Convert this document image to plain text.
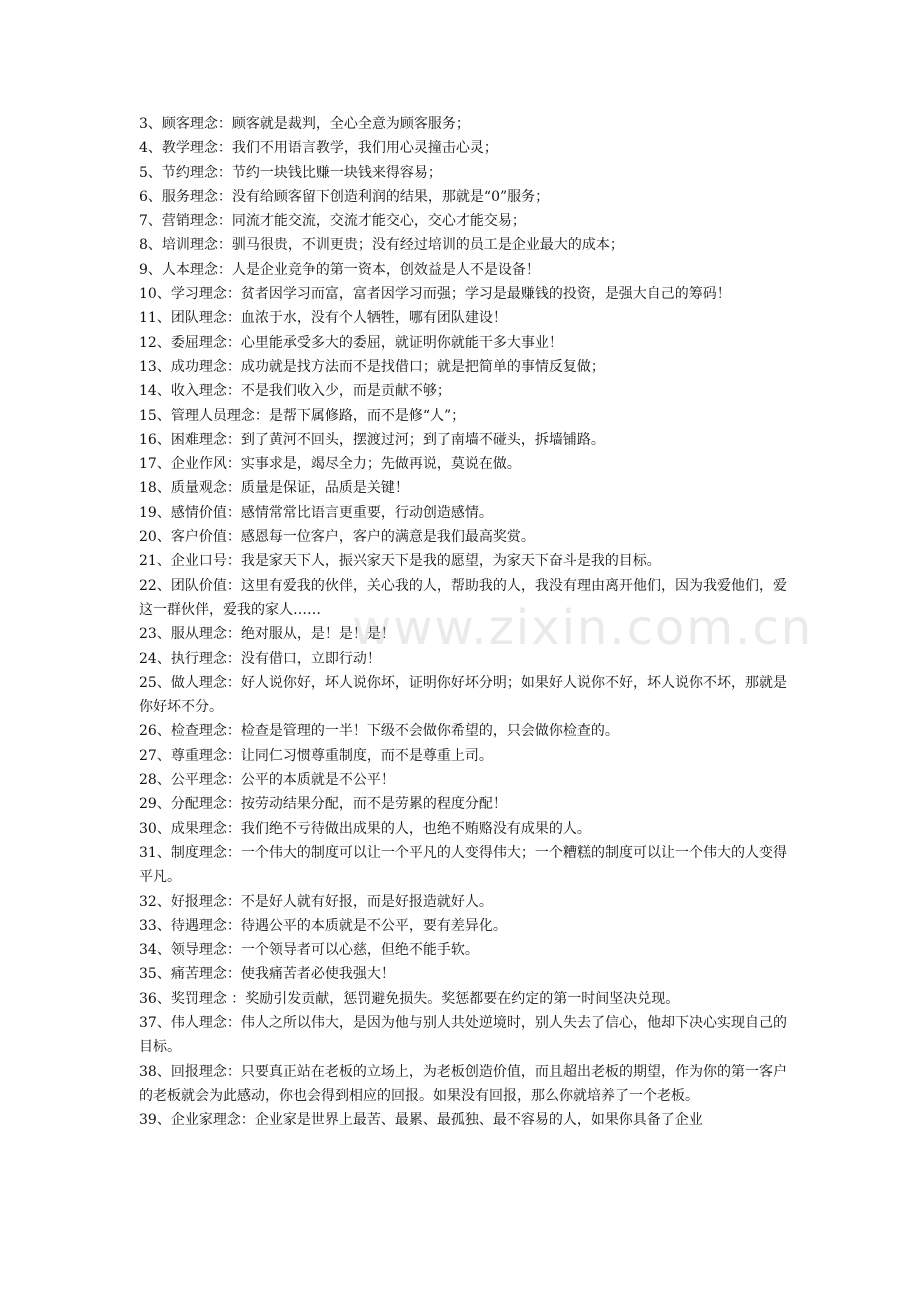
3、顾客理念：顾客就是裁判，全心全意为顾客服务；

4、教学理念：我们不用语言教学，我们用心灵撞击心灵；

5、节约理念：节约一块钱比赚一块钱来得容易；

6、服务理念：没有给顾客留下创造利润的结果，那就是“0”服务；

7、营销理念：同流才能交流，交流才能交心，交心才能交易；

8、培训理念：驯马很贵，不训更贵；没有经过培训的员工是企业最大的成本；

9、人本理念：人是企业竞争的第一资本，创效益是人不是设备！

10、学习理念：贫者因学习而富，富者因学习而强；学习是最赚钱的投资，是强大自己的筹码！

11、团队理念：血浓于水，没有个人牺牲，哪有团队建设！

12、委屈理念：心里能承受多大的委屈，就证明你就能干多大事业！

13、成功理念：成功就是找方法而不是找借口；就是把简单的事情反复做；

14、收入理念：不是我们收入少，而是贡献不够；

15、管理人员理念：是帮下属修路，而不是修“人”；

16、困难理念：到了黄河不回头，摆渡过河；到了南墙不碰头，拆墙铺路。

17、企业作风：实事求是，竭尽全力；先做再说，莫说在做。

18、质量观念：质量是保证，品质是关键！

19、感情价值：感情常常比语言更重要，行动创造感情。

20、客户价值：感恩每一位客户，客户的满意是我们最高奖赏。

21、企业口号：我是家天下人，振兴家天下是我的愿望，为家天下奋斗是我的目标。

22、团队价值：这里有爱我的伙伴，关心我的人，帮助我的人，我没有理由离开他们，因为我爱他们，爱这一群伙伴，爱我的家人……

23、服从理念：绝对服从，是！是！是！

24、执行理念：没有借口，立即行动！

25、做人理念：好人说你好，坏人说你坏，证明你好坏分明；如果好人说你不好，坏人说你不坏，那就是你好坏不分。

26、检查理念：检查是管理的一半！下级不会做你希望的，只会做你检查的。

27、尊重理念：让同仁习惯尊重制度，而不是尊重上司。

28、公平理念：公平的本质就是不公平！

29、分配理念：按劳动结果分配，而不是劳累的程度分配！

30、成果理念：我们绝不亏待做出成果的人，也绝不贿赂没有成果的人。

31、制度理念：一个伟大的制度可以让一个平凡的人变得伟大；一个糟糕的制度可以让一个伟大的人变得平凡。

32、好报理念：不是好人就有好报，而是好报造就好人。

33、待遇理念：待遇公平的本质就是不公平，要有差异化。

34、领导理念：一个领导者可以心慈，但绝不能手软。

35、痛苦理念：使我痛苦者必使我强大！

36、奖罚理念 ：奖励引发贡献，惩罚避免损失。奖惩都要在约定的第一时间坚决兑现。

37、伟人理念：伟人之所以伟大，是因为他与别人共处逆境时，别人失去了信心，他却下决心实现自己的目标。

38、回报理念：只要真正站在老板的立场上，为老板创造价值，而且超出老板的期望，作为你的第一客户的老板就会为此感动，你也会得到相应的回报。如果没有回报，那么你就培养了一个老板。

39、企业家理念：企业家是世界上最苦、最累、最孤独、最不容易的人，如果你具备了企业

www.zixin.com.cn
